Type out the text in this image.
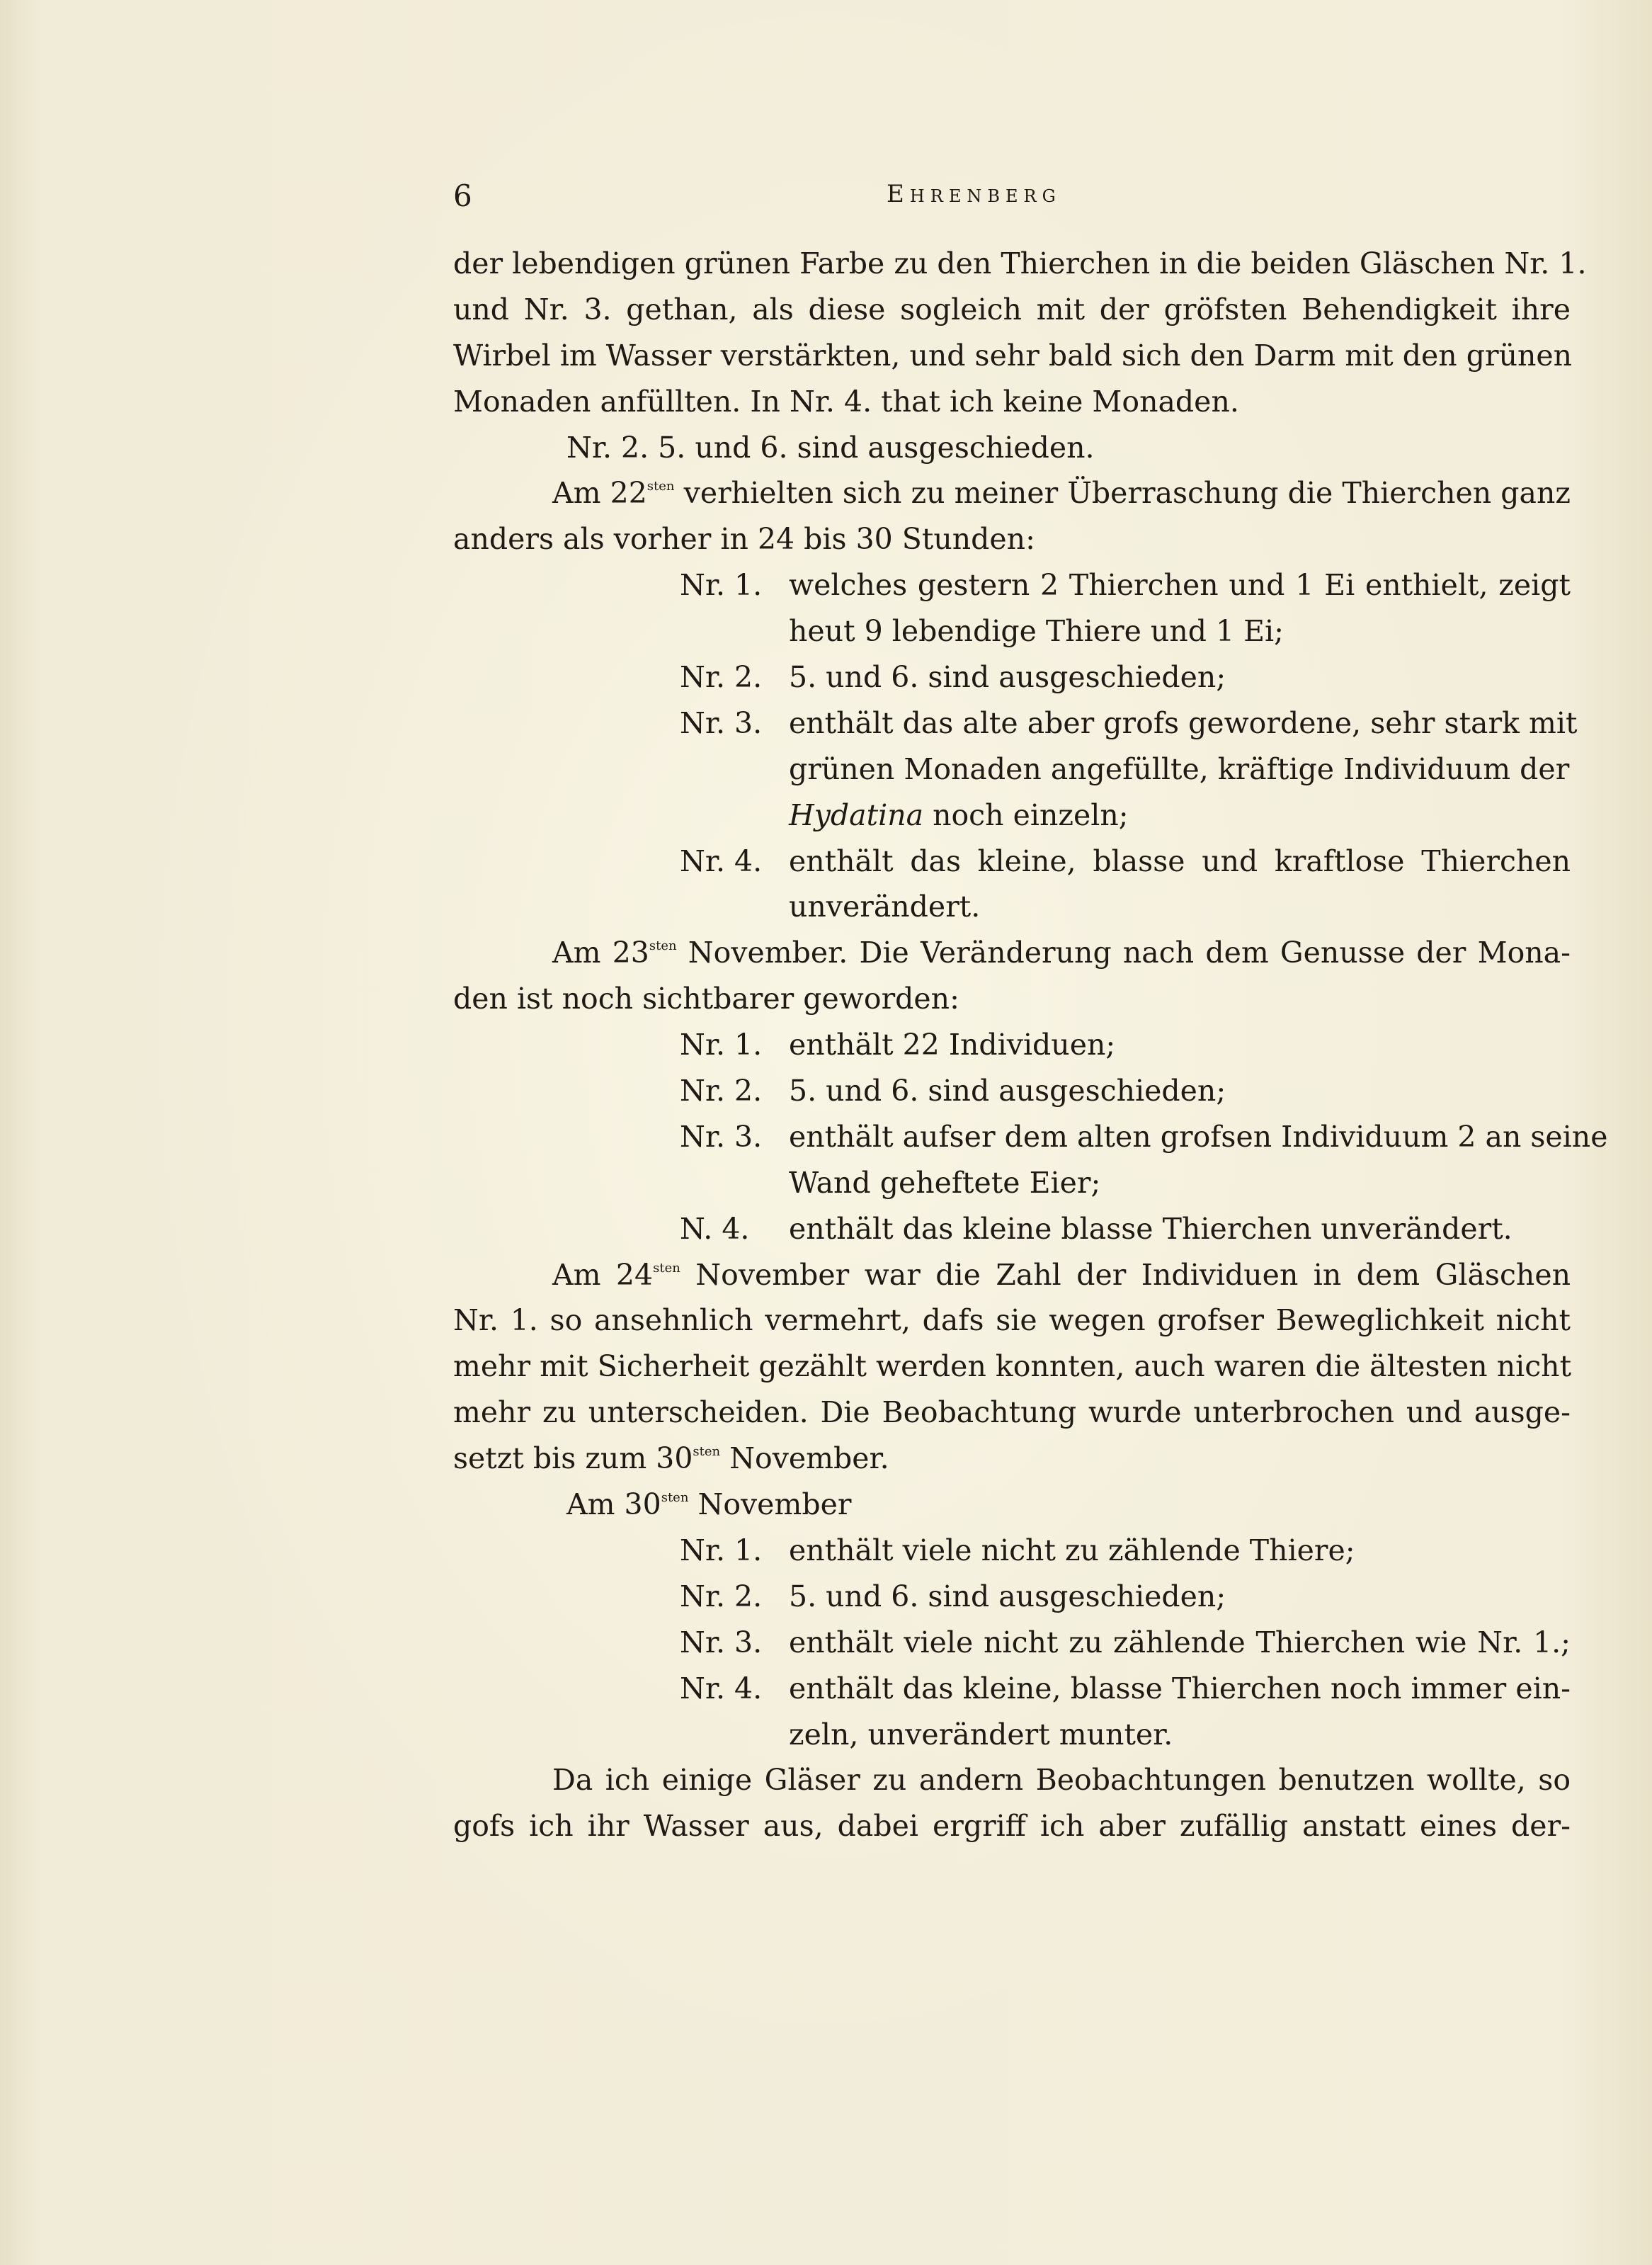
6	Ehrenberg
der lebendigen grünen Farbe zu den Thierchen in die beiden Gläschen Nr. 1.
und Nr. 3. gethan, als diese sogleich mit der gröfsten Behendigkeit ihre
Wirbel im Wasser verstärkten, und sehr bald sich den Darm mit den grünen
Monaden anfüllten. In Nr. 4. that ich keine Monaden.
Nr. 2. 5. und 6. sind ausgeschieden.
Am $22^{sten}$ verhielten sich zu meiner Überraschung die Thierchen ganz
anders als vorher in 24 bis 30 Stunden:
Nr. 1. welches gestern 2 Thierchen und 1 Ei enthielt, zeigt
heut 9 lebendige Thiere und 1 Ei;
Nr. 2. 5. und 6. sind ausgeschieden;
Nr. 3. enthält das alte aber grofs gewordene, sehr stark mit
grünen Monaden angefüllte, kräftige Individuum der
Hydatina noch einzeln;
Nr. 4. enthält das kleine, blasse und kraftlose Thierchen
unverändert.
Am $23^{sten}$ November. Die Veränderung nach dem Genusse der Mona-
den ist noch sichtbarer geworden:
Nr. 1. enthält 22 Individuen;
Nr. 2. 5. und 6. sind ausgeschieden;
Nr. 3. enthält aufser dem alten grofsen Individuum 2 an seine
Wand geheftete Eier;
N. 4.	enthält das kleine blasse Thierchen unverändert.
Am $24^{sten}$ November war die Zahl der Individuen in dem Gläschen
Nr. 1. so ansehnlich vermehrt, dafs sie wegen grofser Beweglichkeit nicht
mehr mit Sicherheit gezählt werden konnten, auch waren die ältesten nicht
mehr zu unterscheiden. Die Beobachtung wurde unterbrochen und ausge-
setzt bis zum $30^{sten}$ November.
Am $30^{sten}$ November
Nr. 1. enthält viele nicht zu zählende Thiere;
Nr. 2. 5. und 6. sind ausgeschieden;
Nr. 3. enthält viele nicht zu zählende Thierchen wie Nr. 1.;
Nr. 4. enthält das kleine, blasse Thierchen noch immer ein-
zeln, unverändert munter.
Da ich einige Gläser zu andern Beobachtungen benutzen wollte, so
gofs ich ihr Wasser aus, dabei ergriff ich aber zufällig anstatt eines der-
